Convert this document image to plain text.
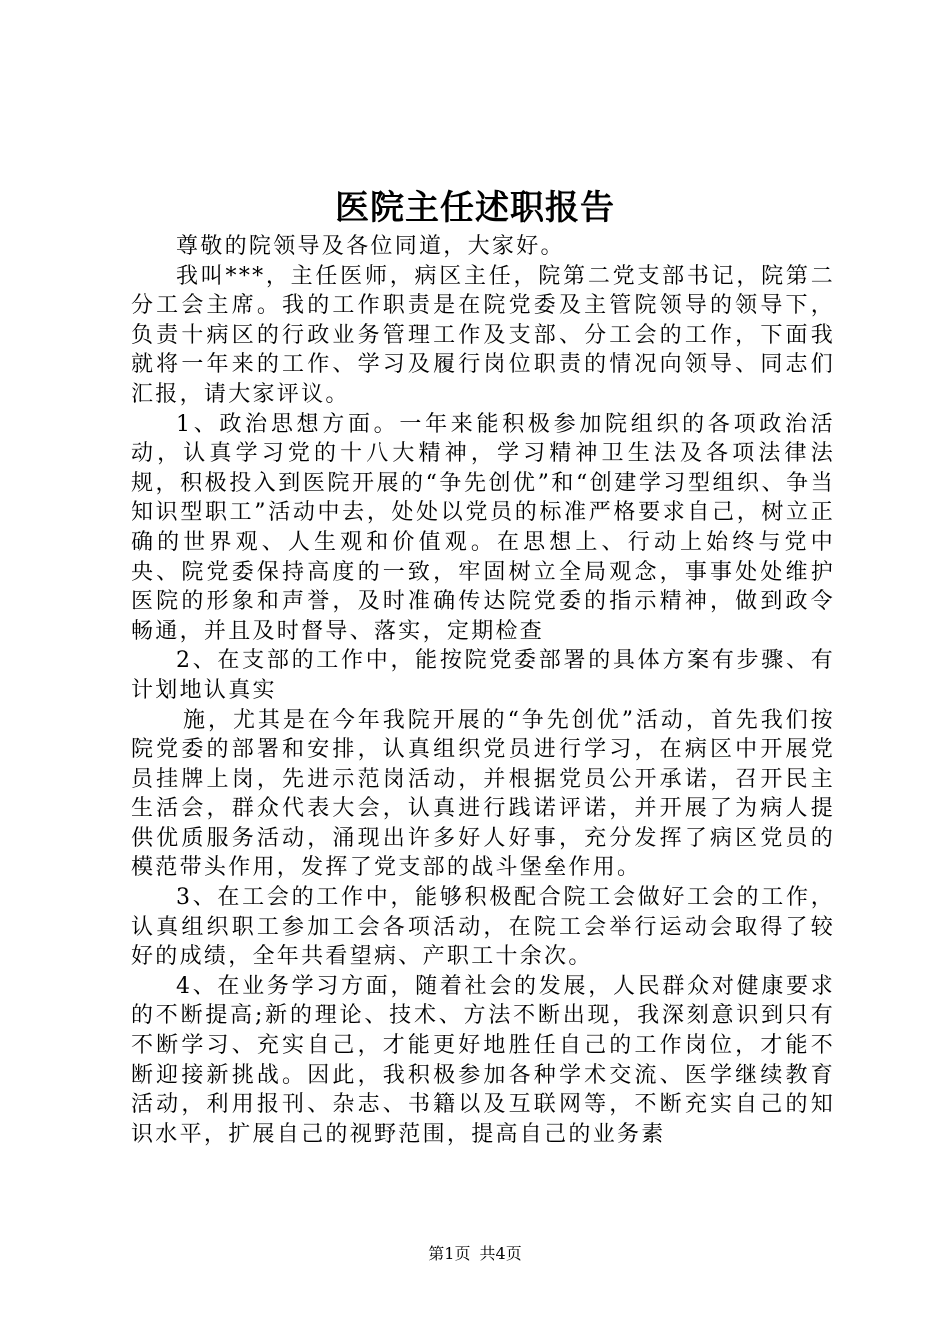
医院主任述职报告

尊敬的院领导及各位同道，大家好。

我叫***，主任医师，病区主任，院第二党支部书记，院第二分工会主席。我的工作职责是在院党委及主管院领导的领导下，负责十病区的行政业务管理工作及支部、分工会的工作，下面我就将一年来的工作、学习及履行岗位职责的情况向领导、同志们汇报，请大家评议。

1、政治思想方面。一年来能积极参加院组织的各项政治活动，认真学习党的十八大精神，学习精神卫生法及各项法律法规，积极投入到医院开展的“争先创优”和“创建学习型组织、争当知识型职工”活动中去，处处以党员的标准严格要求自己，树立正确的世界观、人生观和价值观。在思想上、行动上始终与党中央、院党委保持高度的一致，牢固树立全局观念，事事处处维护医院的形象和声誉，及时准确传达院党委的指示精神，做到政令畅通，并且及时督导、落实，定期检查

2、在支部的工作中，能按院党委部署的具体方案有步骤、有计划地认真实

施，尤其是在今年我院开展的“争先创优”活动，首先我们按院党委的部署和安排，认真组织党员进行学习，在病区中开展党员挂牌上岗，先进示范岗活动，并根据党员公开承诺，召开民主生活会，群众代表大会，认真进行践诺评诺，并开展了为病人提供优质服务活动，涌现出许多好人好事，充分发挥了病区党员的模范带头作用，发挥了党支部的战斗堡垒作用。

3、在工会的工作中，能够积极配合院工会做好工会的工作，认真组织职工参加工会各项活动，在院工会举行运动会取得了较好的成绩，全年共看望病、产职工十余次。

4、在业务学习方面，随着社会的发展，人民群众对健康要求的不断提高;新的理论、技术、方法不断出现，我深刻意识到只有不断学习、充实自己，才能更好地胜任自己的工作岗位，才能不断迎接新挑战。因此，我积极参加各种学术交流、医学继续教育活动，利用报刊、杂志、书籍以及互联网等，不断充实自己的知识水平，扩展自己的视野范围，提高自己的业务素

第1页 共4页
